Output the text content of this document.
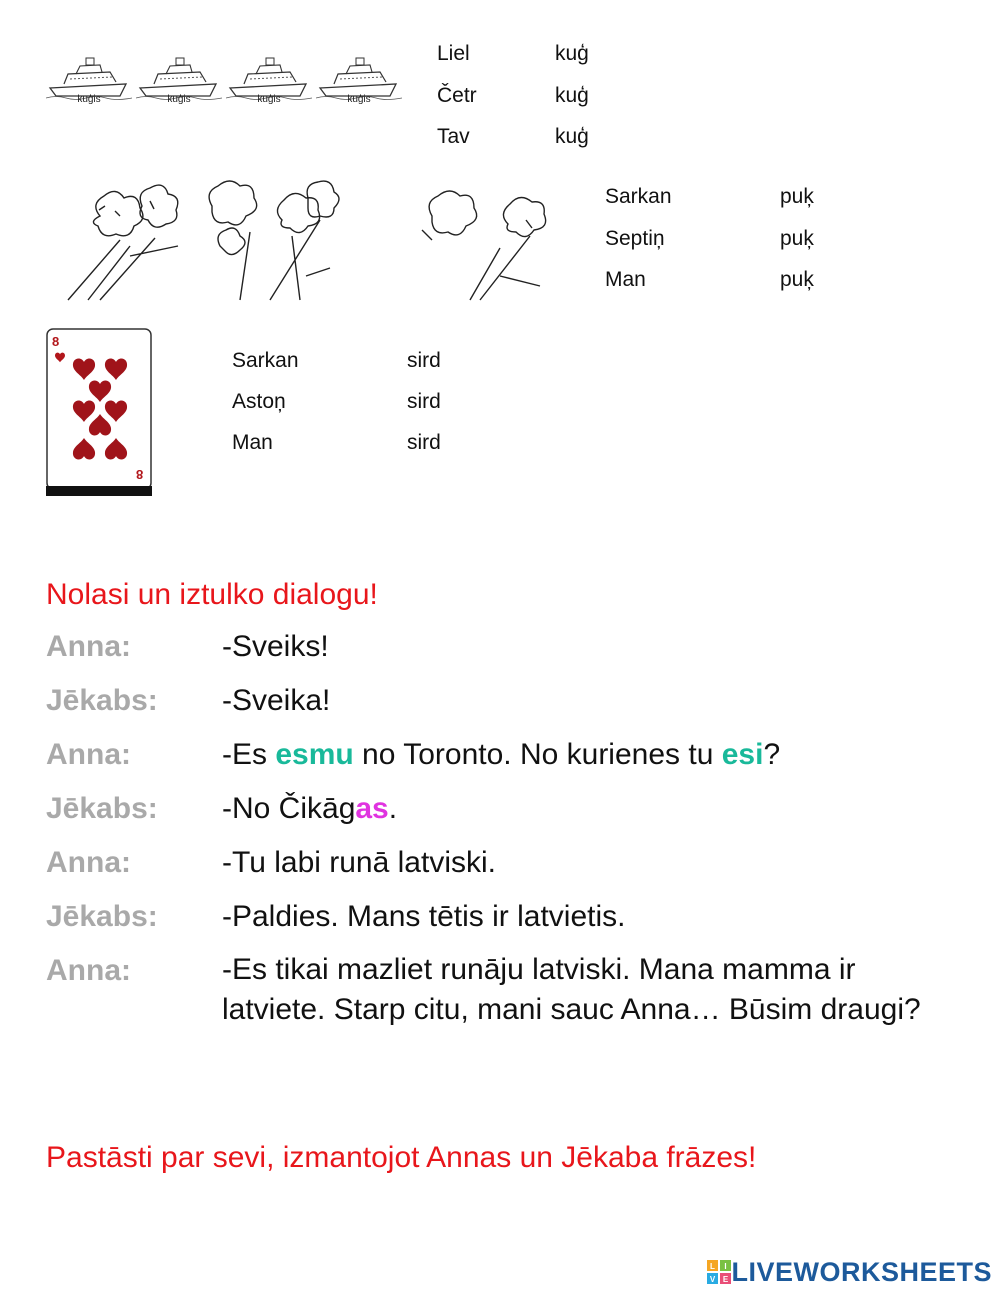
kuģis	kuģis	kuģis	kuģis
Liel	kuģ
Četr	kuģ
Tav	kuģ
Sarkan	puķ
Septiņ	puķ
Man	puķ
8
8
Sarkan	sird
Astoņ	sird
Man	sird
Nolasi un iztulko dialogu!
Anna:	-Sveiks!
Jēkabs: -Sveika!
Anna:	-Es esmu no Toronto. No kurienes tu esi?
Jēkabs: -No Čikāgas.
Anna:	-Tu labi runā latviski.
Jēkabs: -Paldies. Mans tētis ir latvietis.
Anna:	-Es tikai mazliet runāju latviski. Mana mamma ir latviete. Starp citu, mani sauc Anna… Būsim draugi?
Pastāsti par sevi, izmantojot Annas un Jēkaba frāzes!
L I
V E LIVEWORKSHEETS
